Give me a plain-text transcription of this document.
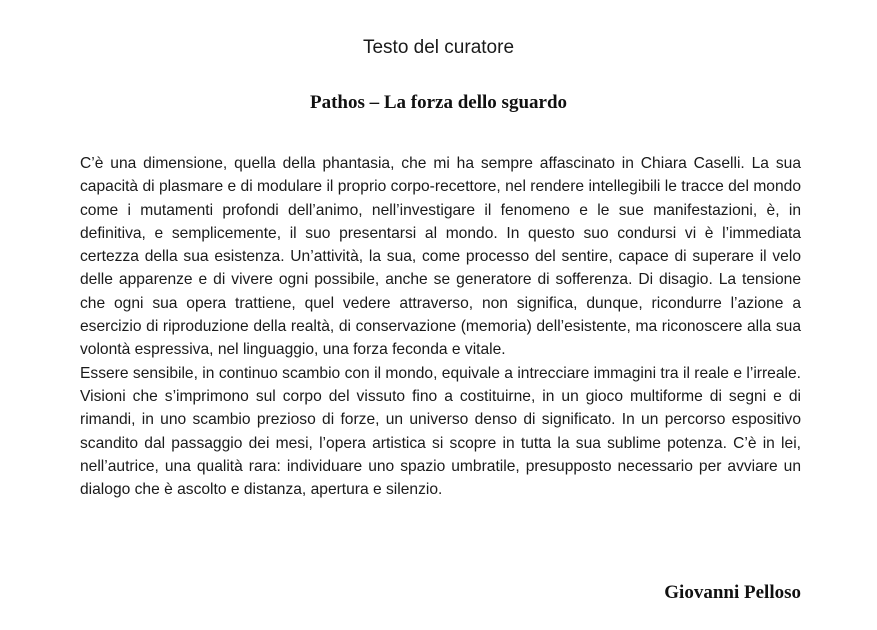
Testo del curatore
Pathos – La forza dello sguardo

C’è una dimensione, quella della phantasia, che mi ha sempre affascinato in Chiara Caselli. La sua capacità di plasmare e di modulare il proprio corpo-recettore, nel rendere intellegibili le tracce del mondo come i mutamenti profondi dell’animo, nell’investigare il fenomeno e le sue manifestazioni, è, in definitiva, e semplicemente, il suo presentarsi al mondo. In questo suo condursi vi è l’immediata certezza della sua esistenza. Un’attività, la sua, come processo del sentire, capace di superare il velo delle apparenze e di vivere ogni possibile, anche se generatore di sofferenza. Di disagio. La tensione che ogni sua opera trattiene, quel vedere attraverso, non significa, dunque, ricondurre l’azione a esercizio di riproduzione della realtà, di conservazione (memoria) dell’esistente, ma riconoscere alla sua volontà espressiva, nel linguaggio, una forza feconda e vitale.

Essere sensibile, in continuo scambio con il mondo, equivale a intrecciare immagini tra il reale e l’irreale. Visioni che s’imprimono sul corpo del vissuto fino a costituirne, in un gioco multiforme di segni e di rimandi, in uno scambio prezioso di forze, un universo denso di significato. In un percorso espositivo scandito dal passaggio dei mesi, l’opera artistica si scopre in tutta la sua sublime potenza. C’è in lei, nell’autrice, una qualità rara: individuare uno spazio umbratile, presupposto necessario per avviare un dialogo che è ascolto e distanza, apertura e silenzio.

Giovanni Pelloso
